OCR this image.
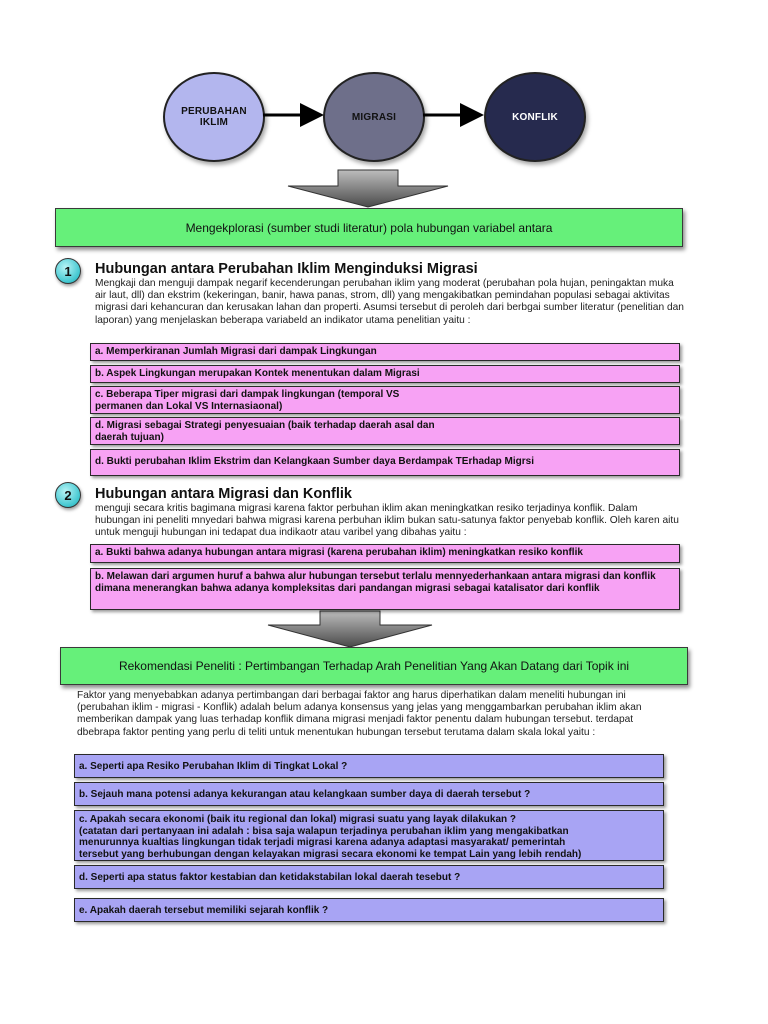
PERUBAHAN
IKLIM	MIGRASI	KONFLIK
Mengekplorasi (sumber studi literatur) pola hubungan variabel antara
1 Hubungan antara Perubahan Iklim Menginduksi Migrasi
Mengkaji dan menguji dampak negarif kecenderungan perubahan iklim yang moderat (perubahan pola hujan, peningaktan muka air laut, dll) dan ekstrim (kekeringan, banir, hawa panas, strom, dll) yang mengakibatkan pemindahan populasi sebagai aktivitas migrasi dari kehancuran dan kerusakan lahan dan properti. Asumsi tersebut di peroleh dari berbgai sumber literatur (penelitian dan laporan) yang menjelaskan beberapa variabeld an indikator utama penelitian yaitu :
a. Memperkiranan Jumlah Migrasi dari dampak Lingkungan
b. Aspek Lingkungan merupakan Kontek menentukan dalam Migrasi
c. Beberapa Tiper migrasi dari dampak lingkungan (temporal VS
permanen dan Lokal VS Internasiaonal)
d. Migrasi sebagai Strategi penyesuaian (baik terhadap daerah asal dan
daerah tujuan)
d. Bukti perubahan Iklim Ekstrim dan Kelangkaan Sumber daya Berdampak TErhadap Migrsi
2 Hubungan antara Migrasi dan Konflik
menguji secara kritis bagimana migrasi karena faktor perbuhan iklim akan meningkatkan resiko terjadinya konflik. Dalam hubungan ini peneliti mnyedari bahwa migrasi karena perbuhan iklim bukan satu-satunya faktor penyebab konflik. Oleh karen aitu untuk menguji hubungan ini tedapat dua indikaotr atau varibel yang dibahas yaitu :
a. Bukti bahwa adanya hubungan antara migrasi (karena perubahan iklim) meningkatkan resiko konflik
b. Melawan dari argumen huruf a bahwa alur hubungan tersebut terlalu mennyederhankaan antara migrasi dan konflik dimana menerangkan bahwa adanya kompleksitas dari pandangan migrasi sebagai katalisator dari konflik
Rekomendasi Peneliti : Pertimbangan Terhadap Arah Penelitian Yang Akan Datang dari Topik ini
Faktor yang menyebabkan adanya pertimbangan dari berbagai faktor ang harus diperhatikan dalam meneliti hubungan ini (perubahan iklim - migrasi - Konflik) adalah belum adanya konsensus yang jelas yang menggambarkan perubahan iklim akan memberikan dampak yang luas terhadap konflik dimana migrasi menjadi faktor penentu dalam hubungan tersebut. terdapat dbebrapa faktor penting yang perlu di teliti untuk menentukan hubungan tersebut terutama dalam skala lokal yaitu :
a. Seperti apa Resiko Perubahan Iklim di Tingkat Lokal ?
b. Sejauh mana potensi adanya kekurangan atau kelangkaan sumber daya di daerah tersebut ?
c. Apakah secara ekonomi (baik itu regional dan lokal) migrasi suatu yang layak dilakukan ?
(catatan dari pertanyaan ini adalah : bisa saja walapun terjadinya perubahan iklim yang mengakibatkan
menurunnya kualtias lingkungan tidak terjadi migrasi karena adanya adaptasi masyarakat/ pemerintah
tersebut yang berhubungan dengan kelayakan migrasi secara ekonomi ke tempat Lain yang lebih rendah)
d. Seperti apa status faktor kestabian dan ketidakstabilan lokal daerah tesebut ?
e. Apakah daerah tersebut memiliki sejarah konflik ?
